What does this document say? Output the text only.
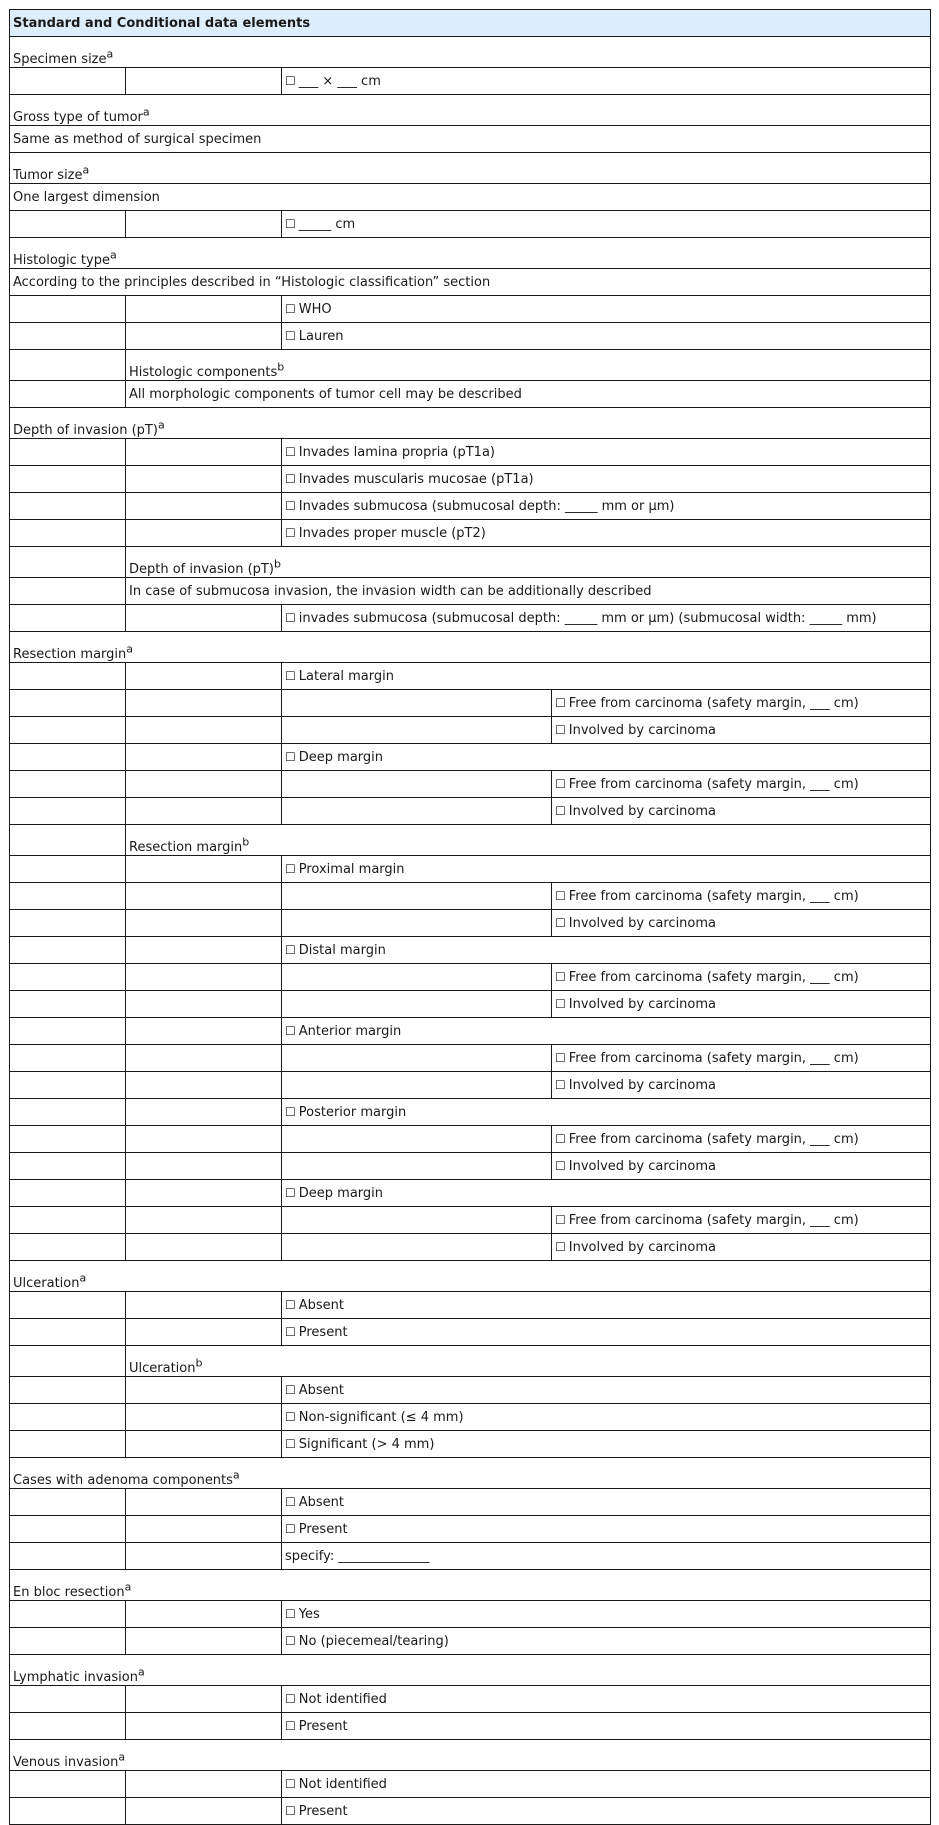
Standard and Conditional data elements			
Specimen size$^a$
		☐ ___ × ___ cm	
Gross type of tumor$^a$
Same as method of surgical specimen			
Tumor size$^a$
One largest dimension			
		☐ _____ cm	
Histologic type$^a$
According to the principles described in “Histologic classification” section			
		☐ WHO	
		☐ Lauren	
	Histologic components$^b$
	All morphologic components of tumor cell may be described		
Depth of invasion (pT)$^a$
		☐ Invades lamina propria (pT1a)	
		☐ Invades muscularis mucosae (pT1a)	
		☐ Invades submucosa (submucosal depth: _____ mm or μm)	
		☐ Invades proper muscle (pT2)	
	Depth of invasion (pT)$^b$
	In case of submucosa invasion, the invasion width can be additionally described		
		☐ invades submucosa (submucosal depth: _____ mm or μm) (submucosal width: _____ mm)	
Resection margin$^a$
		☐ Lateral margin	
			☐ Free from carcinoma (safety margin, ___ cm)
			☐ Involved by carcinoma
		☐ Deep margin	
			☐ Free from carcinoma (safety margin, ___ cm)
			☐ Involved by carcinoma
	Resection margin$^b$
		☐ Proximal margin	
			☐ Free from carcinoma (safety margin, ___ cm)
			☐ Involved by carcinoma
		☐ Distal margin	
			☐ Free from carcinoma (safety margin, ___ cm)
			☐ Involved by carcinoma
		☐ Anterior margin	
			☐ Free from carcinoma (safety margin, ___ cm)
			☐ Involved by carcinoma
		☐ Posterior margin	
			☐ Free from carcinoma (safety margin, ___ cm)
			☐ Involved by carcinoma
		☐ Deep margin	
			☐ Free from carcinoma (safety margin, ___ cm)
			☐ Involved by carcinoma
Ulceration$^a$
		☐ Absent	
		☐ Present	
	Ulceration$^b$
		☐ Absent	
		☐ Non-significant (≤ 4 mm)	
		☐ Significant (> 4 mm)	
Cases with adenoma components$^a$
		☐ Absent	
		☐ Present	
		specify: ______________	
En bloc resection$^a$
		☐ Yes	
		☐ No (piecemeal/tearing)	
Lymphatic invasion$^a$
		☐ Not identified	
		☐ Present	
Venous invasion$^a$
		☐ Not identified	
		☐ Present	
